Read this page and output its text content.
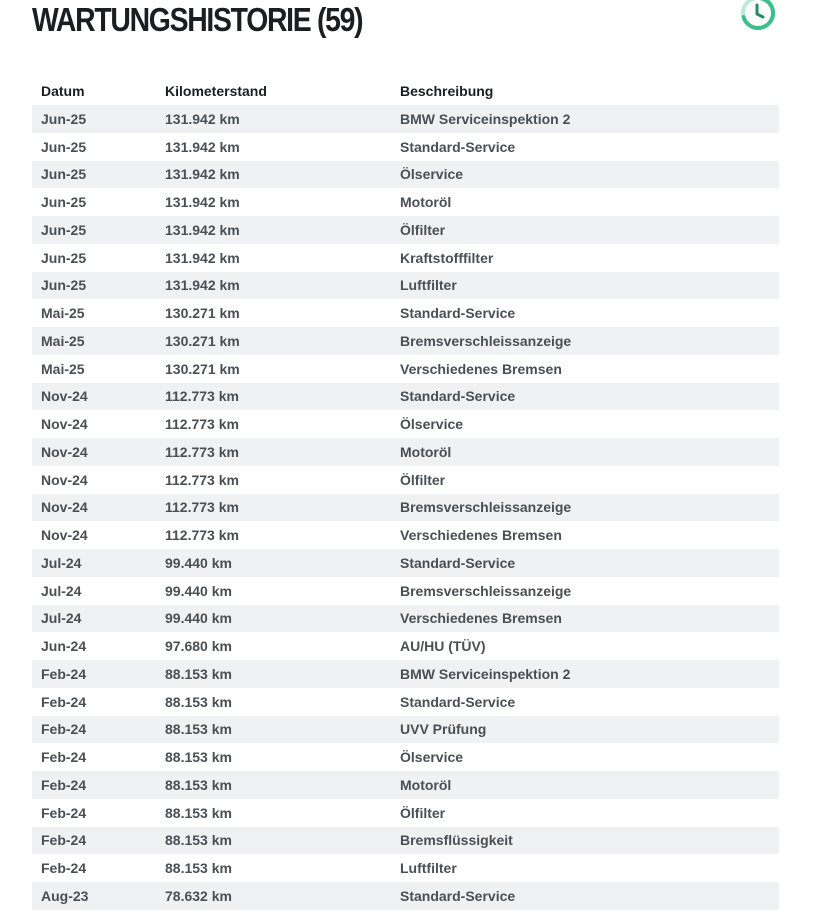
WARTUNGSHISTORIE (59)
Datum	Kilometerstand	Beschreibung
Jun-25	131.942 km	BMW Serviceinspektion 2
Jun-25	131.942 km	Standard-Service
Jun-25	131.942 km	Ölservice
Jun-25	131.942 km	Motoröl
Jun-25	131.942 km	Ölfilter
Jun-25	131.942 km	Kraftstofffilter
Jun-25	131.942 km	Luftfilter
Mai-25	130.271 km	Standard-Service
Mai-25	130.271 km	Bremsverschleissanzeige
Mai-25	130.271 km	Verschiedenes Bremsen
Nov-24	112.773 km	Standard-Service
Nov-24	112.773 km	Ölservice
Nov-24	112.773 km	Motoröl
Nov-24	112.773 km	Ölfilter
Nov-24	112.773 km	Bremsverschleissanzeige
Nov-24	112.773 km	Verschiedenes Bremsen
Jul-24	99.440 km	Standard-Service
Jul-24	99.440 km	Bremsverschleissanzeige
Jul-24	99.440 km	Verschiedenes Bremsen
Jun-24	97.680 km	AU/HU (TÜV)
Feb-24	88.153 km	BMW Serviceinspektion 2
Feb-24	88.153 km	Standard-Service
Feb-24	88.153 km	UVV Prüfung
Feb-24	88.153 km	Ölservice
Feb-24	88.153 km	Motoröl
Feb-24	88.153 km	Ölfilter
Feb-24	88.153 km	Bremsflüssigkeit
Feb-24	88.153 km	Luftfilter
Aug-23	78.632 km	Standard-Service
